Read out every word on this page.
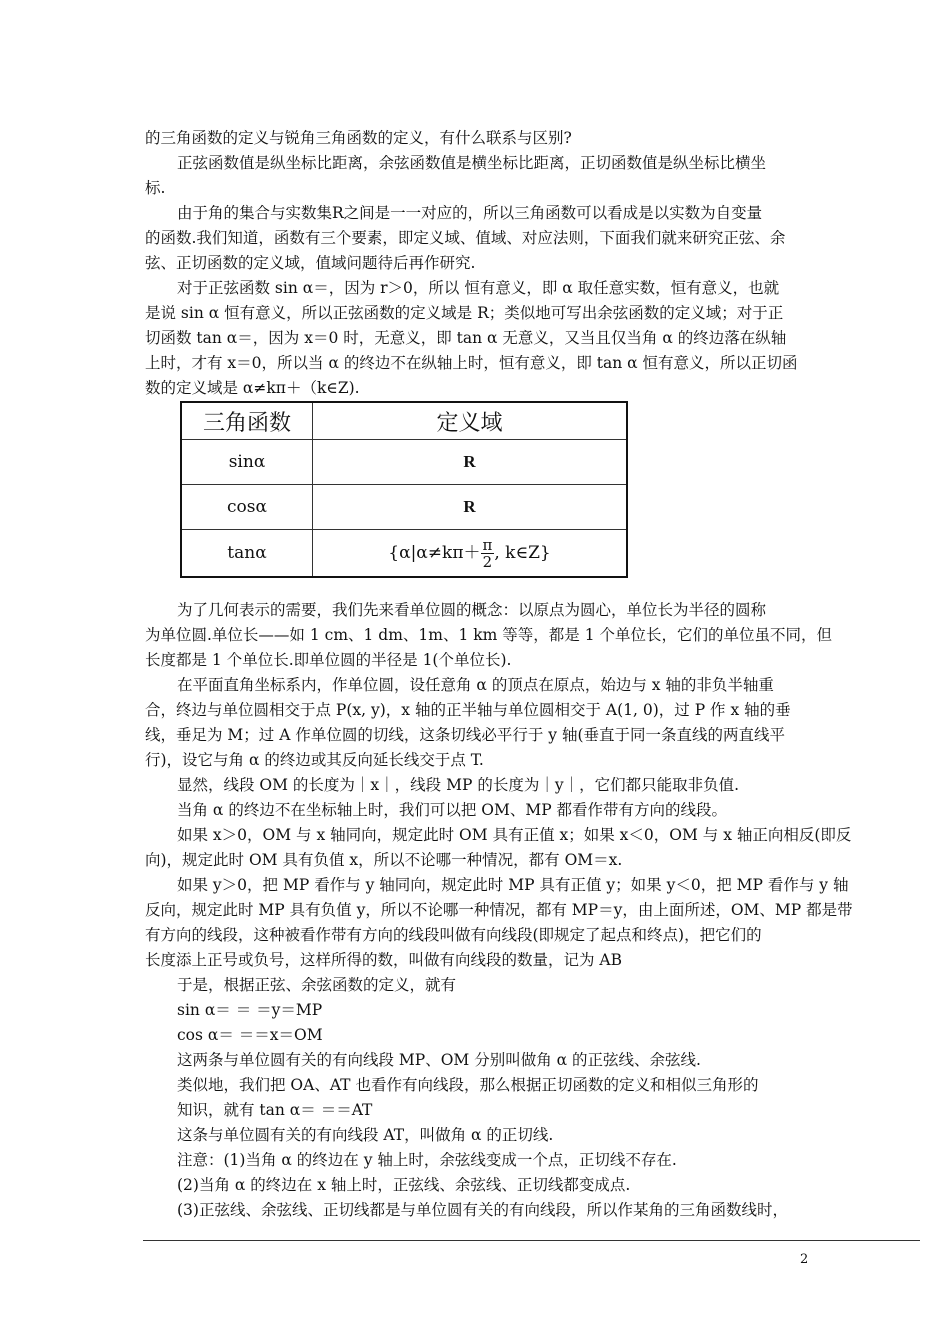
的三角函数的定义与锐角三角函数的定义，有什么联系与区别?
正弦函数值是纵坐标比距离，余弦函数值是横坐标比距离，正切函数值是纵坐标比横坐
标.
由于角的集合与实数集R之间是一一对应的，所以三角函数可以看成是以实数为自变量
的函数.我们知道，函数有三个要素，即定义域、值域、对应法则，下面我们就来研究正弦、余
弦、正切函数的定义域，值域问题待后再作研究.
对于正弦函数 sin α＝，因为 r＞0，所以 恒有意义，即 α 取任意实数，恒有意义，也就
是说 sin α 恒有意义，所以正弦函数的定义域是 R；类似地可写出余弦函数的定义域；对于正
切函数 tan α＝，因为 x＝0 时，无意义，即 tan α 无意义，又当且仅当角 α 的终边落在纵轴
上时，才有 x＝0，所以当 α 的终边不在纵轴上时，恒有意义，即 tan α 恒有意义，所以正切函
数的定义域是 α≠kπ＋（k∈Z).
三角函数	定义域
sinα	R
cosα	R
tanα	{$\alpha|\alpha\ne k\pi+ \frac{\pi}{2}$ , k∈Z}
为了几何表示的需要，我们先来看单位圆的概念：以原点为圆心，单位长为半径的圆称
为单位圆.单位长——如 1 cm、1 dm、1m、1 km 等等，都是 1 个单位长，它们的单位虽不同，但
长度都是 1 个单位长.即单位圆的半径是 1(个单位长).
在平面直角坐标系内，作单位圆，设任意角 α 的顶点在原点，始边与 x 轴的非负半轴重
合，终边与单位圆相交于点 P(x, y)，x 轴的正半轴与单位圆相交于 A(1, 0)，过 P 作 x 轴的垂
线，垂足为 M；过 A 作单位圆的切线，这条切线必平行于 y 轴(垂直于同一条直线的两直线平
行)，设它与角 α 的终边或其反向延长线交于点 T.
显然，线段 OM 的长度为｜x｜，线段 MP 的长度为｜y｜，它们都只能取非负值.
当角 α 的终边不在坐标轴上时，我们可以把 OM、MP 都看作带有方向的线段。
如果 x＞0，OM 与 x 轴同向，规定此时 OM 具有正值 x；如果 x＜0，OM 与 x 轴正向相反(即反
向)，规定此时 OM 具有负值 x，所以不论哪一种情况，都有 OM＝x.
如果 y＞0，把 MP 看作与 y 轴同向，规定此时 MP 具有正值 y；如果 y＜0，把 MP 看作与 y 轴
反向，规定此时 MP 具有负值 y，所以不论哪一种情况，都有 MP＝y，由上面所述，OM、MP 都是带
有方向的线段，这种被看作带有方向的线段叫做有向线段(即规定了起点和终点)，把它们的
长度添上正号或负号，这样所得的数，叫做有向线段的数量，记为 AB
于是，根据正弦、余弦函数的定义，就有
sin α＝ ＝ ＝y＝MP
cos α＝ ＝＝x＝OM
这两条与单位圆有关的有向线段 MP、OM 分别叫做角 α 的正弦线、余弦线.
类似地，我们把 OA、AT 也看作有向线段，那么根据正切函数的定义和相似三角形的
知识，就有 tan α＝ ＝＝AT
这条与单位圆有关的有向线段 AT，叫做角 α 的正切线.
注意：(1)当角 α 的终边在 y 轴上时，余弦线变成一个点，正切线不存在.
(2)当角 α 的终边在 x 轴上时，正弦线、余弦线、正切线都变成点.
(3)正弦线、余弦线、正切线都是与单位圆有关的有向线段，所以作某角的三角函数线时，
2
